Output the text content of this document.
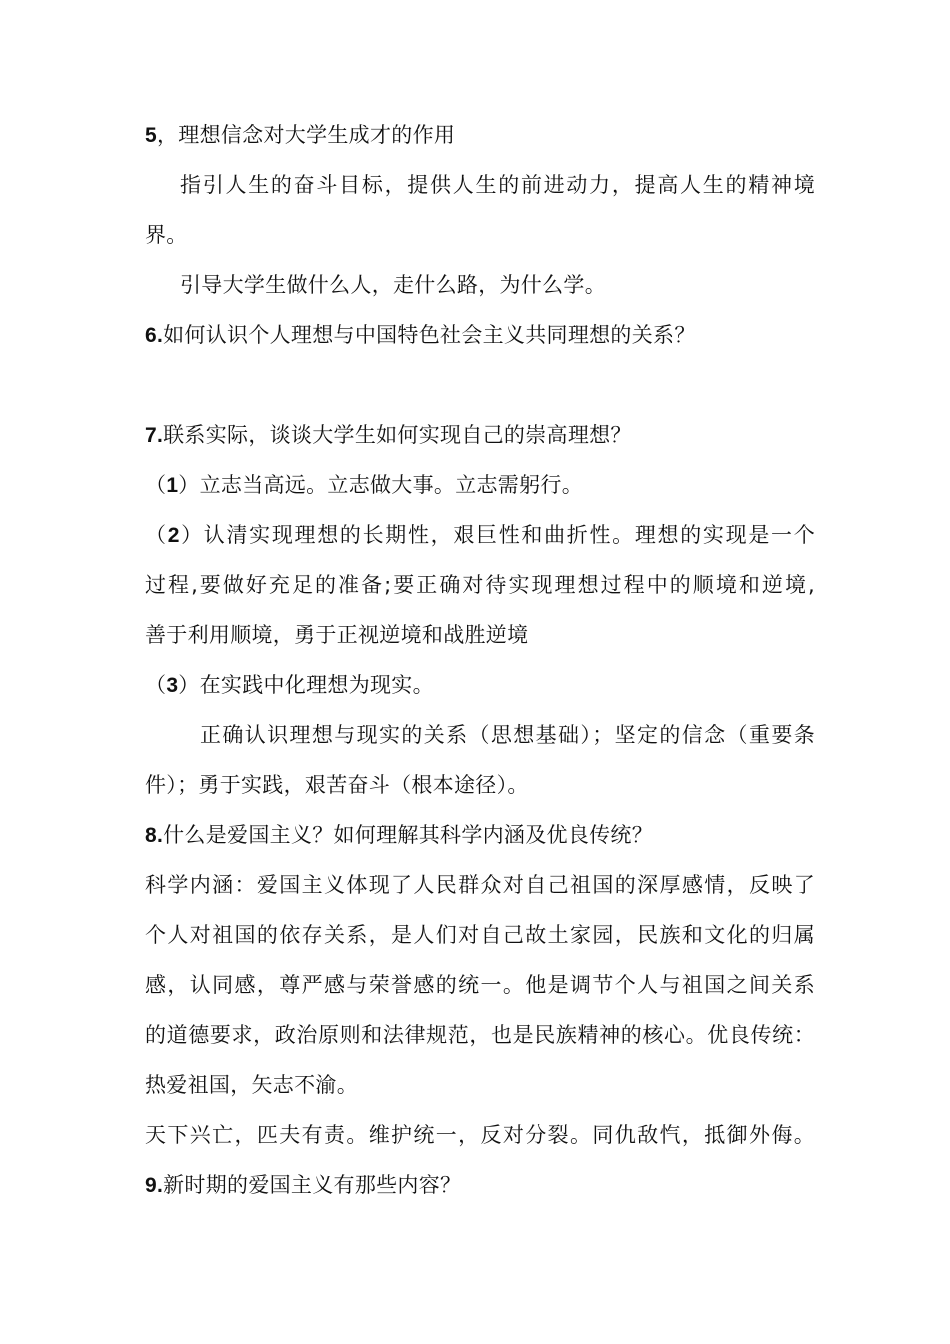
5，理想信念对大学生成才的作用
指引人生的奋斗目标，提供人生的前进动力，提高人生的精神境
界。
引导大学生做什么人，走什么路，为什么学。
6.如何认识个人理想与中国特色社会主义共同理想的关系？
7.联系实际，谈谈大学生如何实现自己的崇高理想？
（1）立志当高远。立志做大事。立志需躬行。
（2）认清实现理想的长期性，艰巨性和曲折性。理想的实现是一个
过程,要做好充足的准备;要正确对待实现理想过程中的顺境和逆境,
善于利用顺境，勇于正视逆境和战胜逆境
（3）在实践中化理想为现实。
正确认识理想与现实的关系（思想基础）；坚定的信念（重要条
件）；勇于实践，艰苦奋斗（根本途径）。
8.什么是爱国主义？如何理解其科学内涵及优良传统？
科学内涵：爱国主义体现了人民群众对自己祖国的深厚感情，反映了
个人对祖国的依存关系，是人们对自己故土家园，民族和文化的归属
感，认同感，尊严感与荣誉感的统一。他是调节个人与祖国之间关系
的道德要求，政治原则和法律规范，也是民族精神的核心。优良传统：
热爱祖国，矢志不渝。
天下兴亡，匹夫有责。维护统一，反对分裂。同仇敌忾，抵御外侮。
9.新时期的爱国主义有那些内容？
